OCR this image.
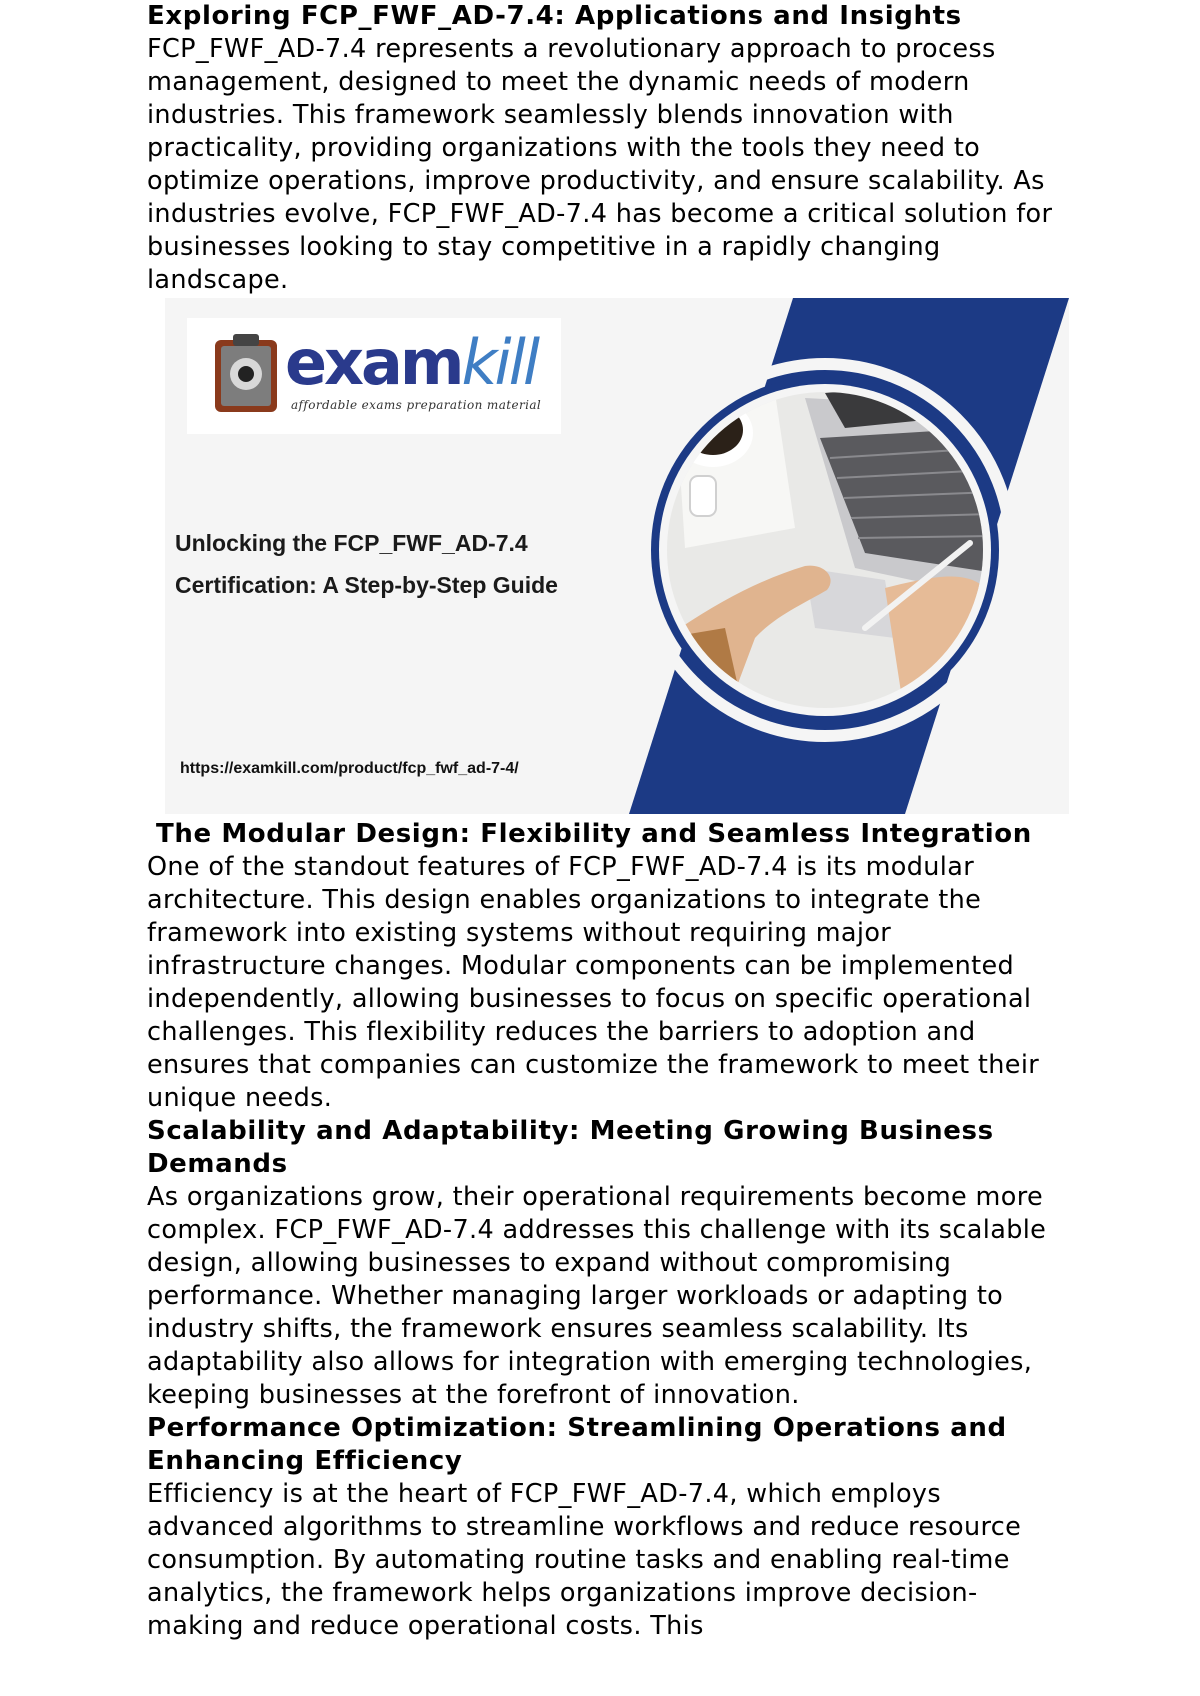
Exploring FCP_FWF_AD-7.4: Applications and Insights

FCP_FWF_AD-7.4 represents a revolutionary approach to process management, designed to meet the dynamic needs of modern industries. This framework seamlessly blends innovation with practicality, providing organizations with the tools they need to optimize operations, improve productivity, and ensure scalability. As industries evolve, FCP_FWF_AD-7.4 has become a critical solution for businesses looking to stay competitive in a rapidly changing landscape.

examkill
affordable exams preparation material
Unlocking the FCP_FWF_AD-7.4
Certification: A Step-by-Step Guide
https://examkill.com/product/fcp_fwf_ad-7-4/
The Modular Design: Flexibility and Seamless Integration

One of the standout features of FCP_FWF_AD-7.4 is its modular architecture. This design enables organizations to integrate the framework into existing systems without requiring major infrastructure changes. Modular components can be implemented independently, allowing businesses to focus on specific operational challenges. This flexibility reduces the barriers to adoption and ensures that companies can customize the framework to meet their unique needs.

Scalability and Adaptability: Meeting Growing Business Demands

As organizations grow, their operational requirements become more complex. FCP_FWF_AD-7.4 addresses this challenge with its scalable design, allowing businesses to expand without compromising performance. Whether managing larger workloads or adapting to industry shifts, the framework ensures seamless scalability. Its adaptability also allows for integration with emerging technologies, keeping businesses at the forefront of innovation.

Performance Optimization: Streamlining Operations and Enhancing Efficiency

Efficiency is at the heart of FCP_FWF_AD-7.4, which employs advanced algorithms to streamline workflows and reduce resource consumption. By automating routine tasks and enabling real-time analytics, the framework helps organizations improve decision-making and reduce operational costs. This
